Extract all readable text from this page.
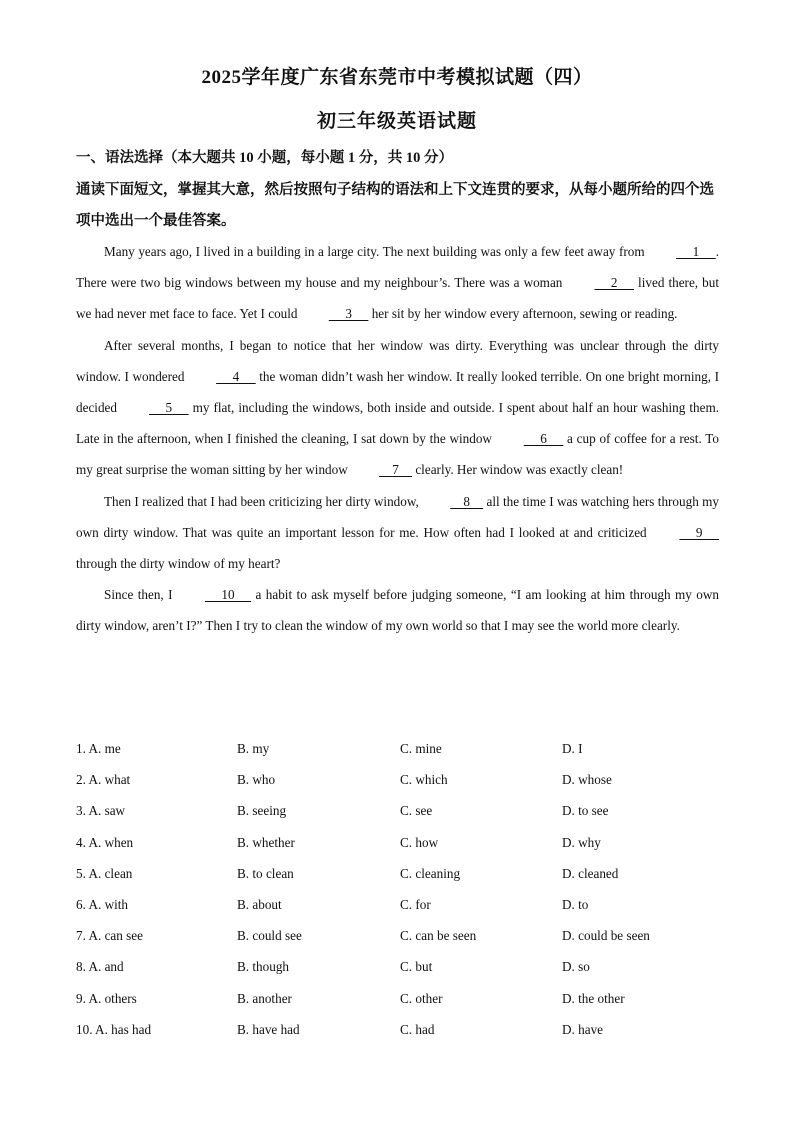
2025学年度广东省东莞市中考模拟试题（四）
初三年级英语试题
一、语法选择（本大题共 10 小题，每小题 1 分，共 10 分）
通读下面短文，掌握其大意，然后按照句子结构的语法和上下文连贯的要求，从每小题所给的四个选项中选出一个最佳答案。

Many years ago, I lived in a building in a large city. The next building was only a few feet away from      1     . There were two big windows between my house and my neighbour’s. There was a woman      2      lived there, but we had never met face to face. Yet I could      3      her sit by her window every afternoon, sewing or reading.

After several months, I began to notice that her window was dirty. Everything was unclear through the dirty window. I wondered      4      the woman didn’t wash her window. It really looked terrible. On one bright morning, I decided      5      my flat, including the windows, both inside and outside. I spent about half an hour washing them. Late in the afternoon, when I finished the cleaning, I sat down by the window      6      a cup of coffee for a rest. To my great surprise the woman sitting by her window     7     clearly. Her window was exactly clean!

Then I realized that I had been criticizing her dirty window,     8     all the time I was watching hers through my own dirty window. That was quite an important lesson for me. How often had I looked at and criticized      9      through the dirty window of my heart?

Since then, I      10      a habit to ask myself before judging someone, “I am looking at him through my own dirty window, aren’t I?” Then I try to clean the window of my own world so that I may see the world more clearly.

1. A. me	B. my	C. mine	D. I
2. A. what	B. who	C. which	D. whose
3. A. saw	B. seeing	C. see	D. to see
4. A. when	B. whether	C. how	D. why
5. A. clean	B. to clean	C. cleaning	D. cleaned
6. A. with	B. about	C. for	D. to
7. A. can see	B. could see	C. can be seen	D. could be seen
8. A. and	B. though	C. but	D. so
9. A. others	B. another	C. other	D. the other
10. A. has had	B. have had	C. had	D. have
